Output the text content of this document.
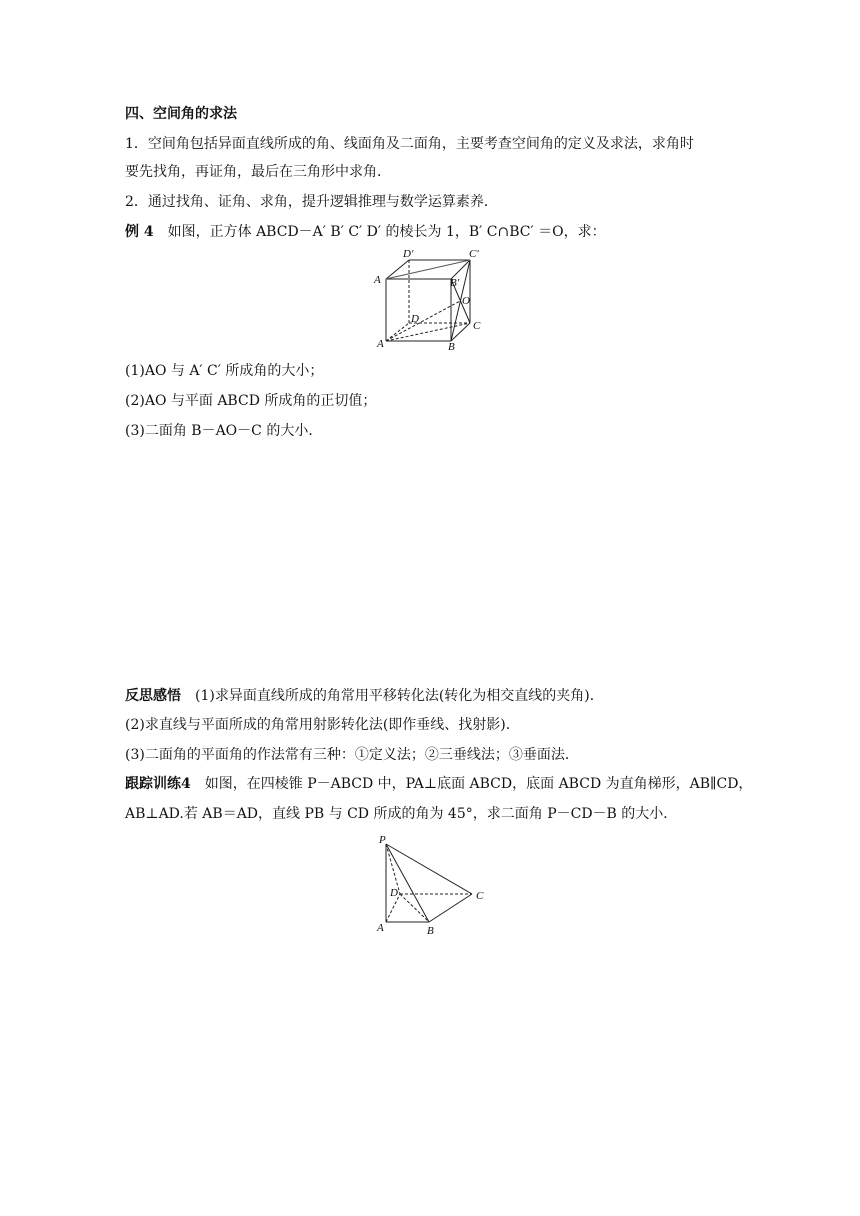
四、空间角的求法
1．空间角包括异面直线所成的角、线面角及二面角，主要考查空间角的定义及求法，求角时
要先找角，再证角，最后在三角形中求角．
2．通过找角、证角、求角，提升逻辑推理与数学运算素养．
例 4  如图，正方体 ABCD－A′ B′ C′ D′ 的棱长为 1，B′ C∩BC′ ＝O，求：
D′	C′
A	B′
O
D
C
A	B
(1)AO 与 A′ C′ 所成角的大小；
(2)AO 与平面 ABCD 所成角的正切值；
(3)二面角 B－AO－C 的大小．
反思感悟  (1)求异面直线所成的角常用平移转化法(转化为相交直线的夹角)．
(2)求直线与平面所成的角常用射影转化法(即作垂线、找射影)．
(3)二面角的平面角的作法常有三种：①定义法；②三垂线法；③垂面法．
跟踪训练4  如图，在四棱锥 P－ABCD 中，PA⊥底面 ABCD，底面 ABCD 为直角梯形，AB∥CD，
AB⊥AD.若 AB＝AD，直线 PB 与 CD 所成的角为 45°，求二面角 P－CD－B 的大小．
P
D	C
A	B
